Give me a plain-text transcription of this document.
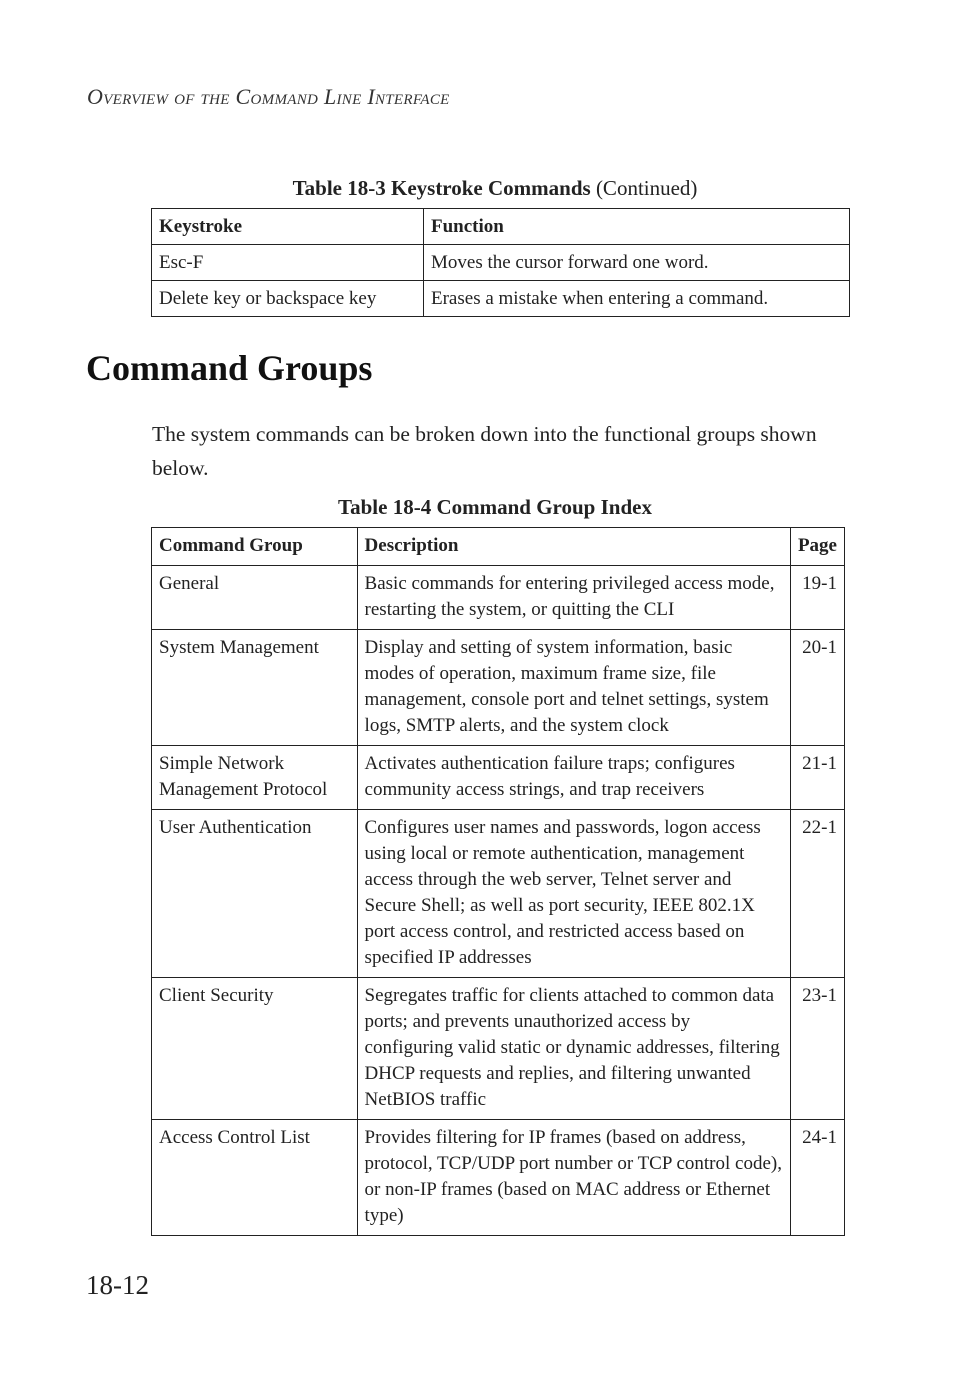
Overview of the Command Line Interface
Table 18-3 Keystroke Commands (Continued)
Keystroke	Function
Esc-F	Moves the cursor forward one word.
Delete key or backspace key	Erases a mistake when entering a command.
Command Groups

The system commands can be broken down into the functional groups shown below.

Table 18-4 Command Group Index
Command Group	Description	Page
General	Basic commands for entering privileged access mode, restarting the system, or quitting the CLI	19-1
System Management	Display and setting of system information, basic modes of operation, maximum frame size, file management, console port and telnet settings, system logs, SMTP alerts, and the system clock	20-1
Simple Network Management Protocol	Activates authentication failure traps; configures community access strings, and trap receivers	21-1
User Authentication	Configures user names and passwords, logon access using local or remote authentication, management access through the web server, Telnet server and Secure Shell; as well as port security, IEEE 802.1X port access control, and restricted access based on specified IP addresses	22-1
Client Security	Segregates traffic for clients attached to common data ports; and prevents unauthorized access by configuring valid static or dynamic addresses, filtering DHCP requests and replies, and filtering unwanted NetBIOS traffic	23-1
Access Control List	Provides filtering for IP frames (based on address, protocol, TCP/UDP port number or TCP control code), or non-IP frames (based on MAC address or Ethernet type)	24-1
18-12
